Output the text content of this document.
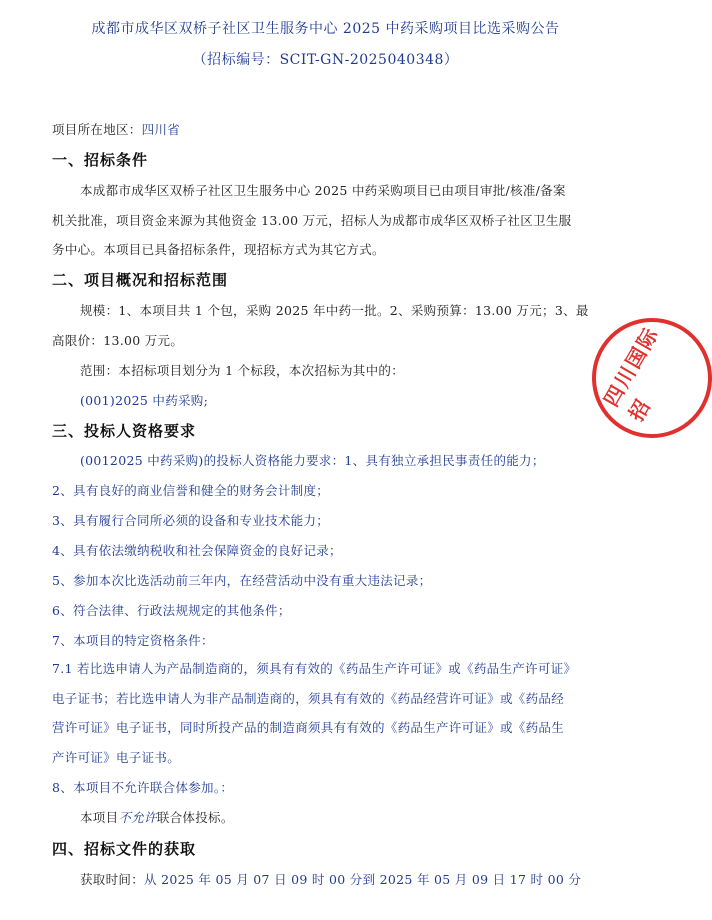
成都市成华区双桥子社区卫生服务中心 2025 中药采购项目比选采购公告
（招标编号：SCIT-GN-2025040348）
项目所在地区：四川省
一、招标条件
本成都市成华区双桥子社区卫生服务中心 2025 中药采购项目已由项目审批/核准/备案
机关批准，项目资金来源为其他资金 13.00 万元，招标人为成都市成华区双桥子社区卫生服
务中心。本项目已具备招标条件，现招标方式为其它方式。
二、项目概况和招标范围
规模：1、本项目共 1 个包，采购 2025 年中药一批。2、采购预算：13.00 万元；3、最
高限价：13.00 万元。
范围：本招标项目划分为 1 个标段，本次招标为其中的：
(001)2025 中药采购;
三、投标人资格要求
(0012025 中药采购)的投标人资格能力要求：1、具有独立承担民事责任的能力；
2、具有良好的商业信誉和健全的财务会计制度；
3、具有履行合同所必须的设备和专业技术能力；
4、具有依法缴纳税收和社会保障资金的良好记录；
5、参加本次比选活动前三年内，在经营活动中没有重大违法记录；
6、符合法律、行政法规规定的其他条件；
7、本项目的特定资格条件：
7.1 若比选申请人为产品制造商的，须具有有效的《药品生产许可证》或《药品生产许可证》
电子证书；若比选申请人为非产品制造商的，须具有有效的《药品经营许可证》或《药品经
营许可证》电子证书，同时所投产品的制造商须具有有效的《药品生产许可证》或《药品生
产许可证》电子证书。
8、本项目不允许联合体参加。：
本项目不允许联合体投标。
四、招标文件的获取
获取时间：从 2025 年 05 月 07 日 09 时 00 分到 2025 年 05 月 09 日 17 时 00 分
四川国际招
